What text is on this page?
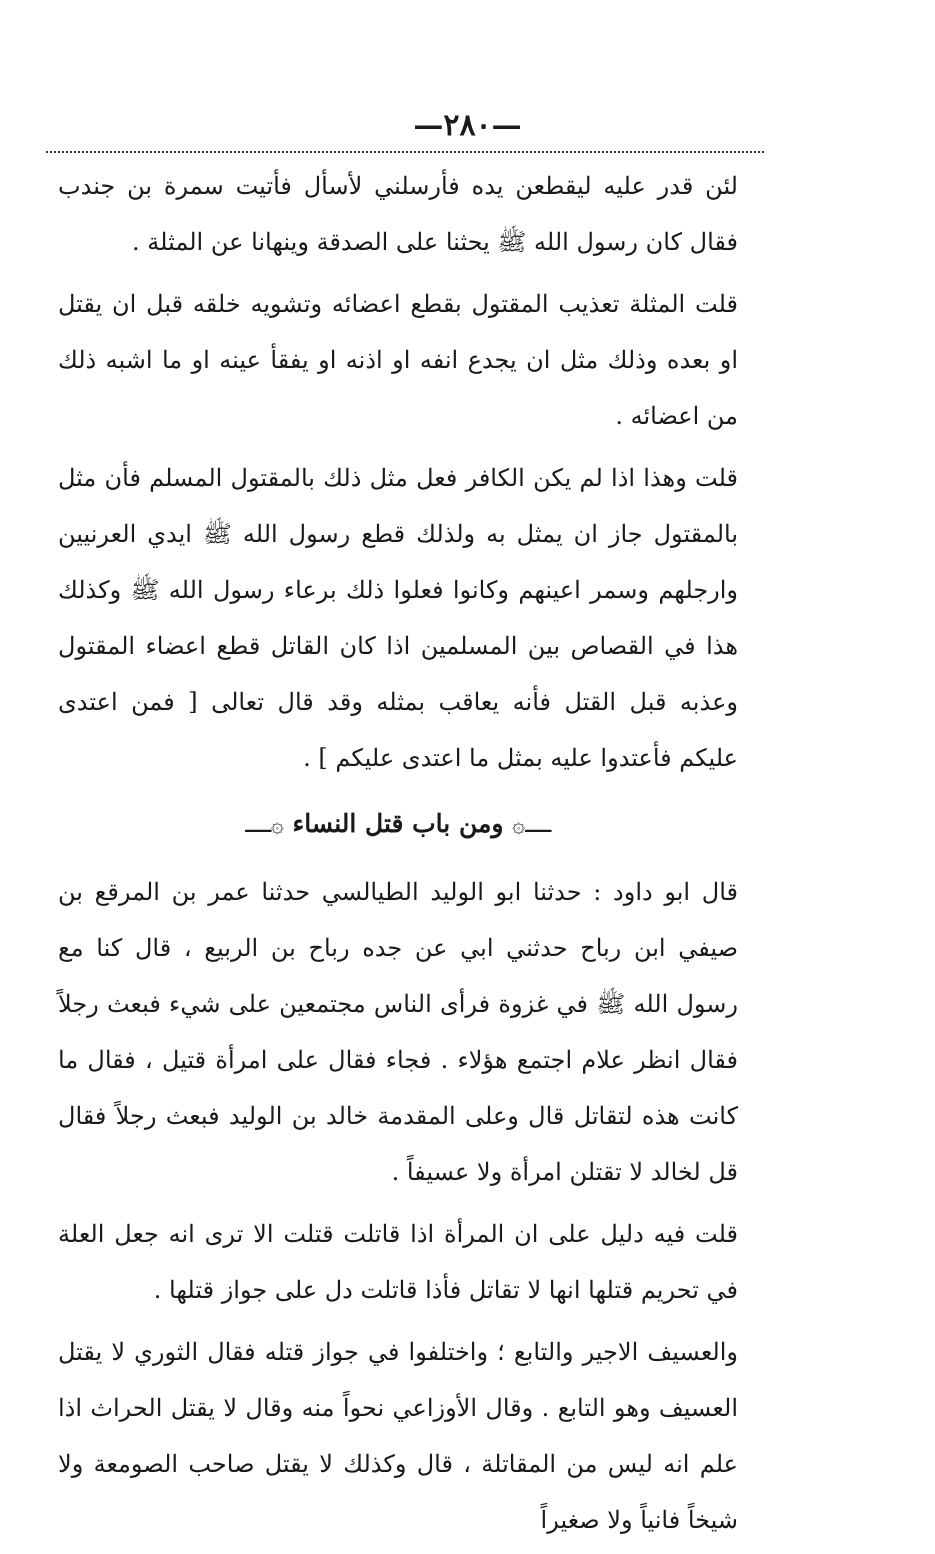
—٢٨٠—

لئن قدر عليه ليقطعن يده فأرسلني لأسأل فأتيت سمرة بن جندب فقال كان رسول الله ﷺ يحثنا على الصدقة وينهانا عن المثلة .

قلت المثلة تعذيب المقتول بقطع اعضائه وتشويه خلقه قبل ان يقتل او بعده وذلك مثل ان يجدع انفه او اذنه او يفقأ عينه او ما اشبه ذلك من اعضائه .

قلت وهذا اذا لم يكن الكافر فعل مثل ذلك بالمقتول المسلم فأن مثل بالمقتول جاز ان يمثل به ولذلك قطع رسول الله ﷺ ايدي العرنيين وارجلهم وسمر اعينهم وكانوا فعلوا ذلك برعاء رسول الله ﷺ وكذلك هذا في القصاص بين المسلمين اذا كان القاتل قطع اعضاء المقتول وعذبه قبل القتل فأنه يعاقب بمثله وقد قال تعالى [ فمن اعتدى عليكم فأعتدوا عليه بمثل ما اعتدى عليكم ] .

ــ۞ ومن باب قتل النساء ۞ــ

قال ابو داود : حدثنا ابو الوليد الطيالسي حدثنا عمر بن المرقع بن صيفي ابن رباح حدثني ابي عن جده رباح بن الربيع ، قال كنا مع رسول الله ﷺ في غزوة فرأى الناس مجتمعين على شيء فبعث رجلاً فقال انظر علام اجتمع هؤلاء . فجاء فقال على امرأة قتيل ، فقال ما كانت هذه لتقاتل قال وعلى المقدمة خالد بن الوليد فبعث رجلاً فقال قل لخالد لا تقتلن امرأة ولا عسيفاً .

قلت فيه دليل على ان المرأة اذا قاتلت قتلت الا ترى انه جعل العلة في تحريم قتلها انها لا تقاتل فأذا قاتلت دل على جواز قتلها .

والعسيف الاجير والتابع ؛ واختلفوا في جواز قتله فقال الثوري لا يقتل العسيف وهو التابع . وقال الأوزاعي نحواً منه وقال لا يقتل الحراث اذا علم انه ليس من المقاتلة ، قال وكذلك لا يقتل صاحب الصومعة ولا شيخاً فانياً ولا صغيراً
